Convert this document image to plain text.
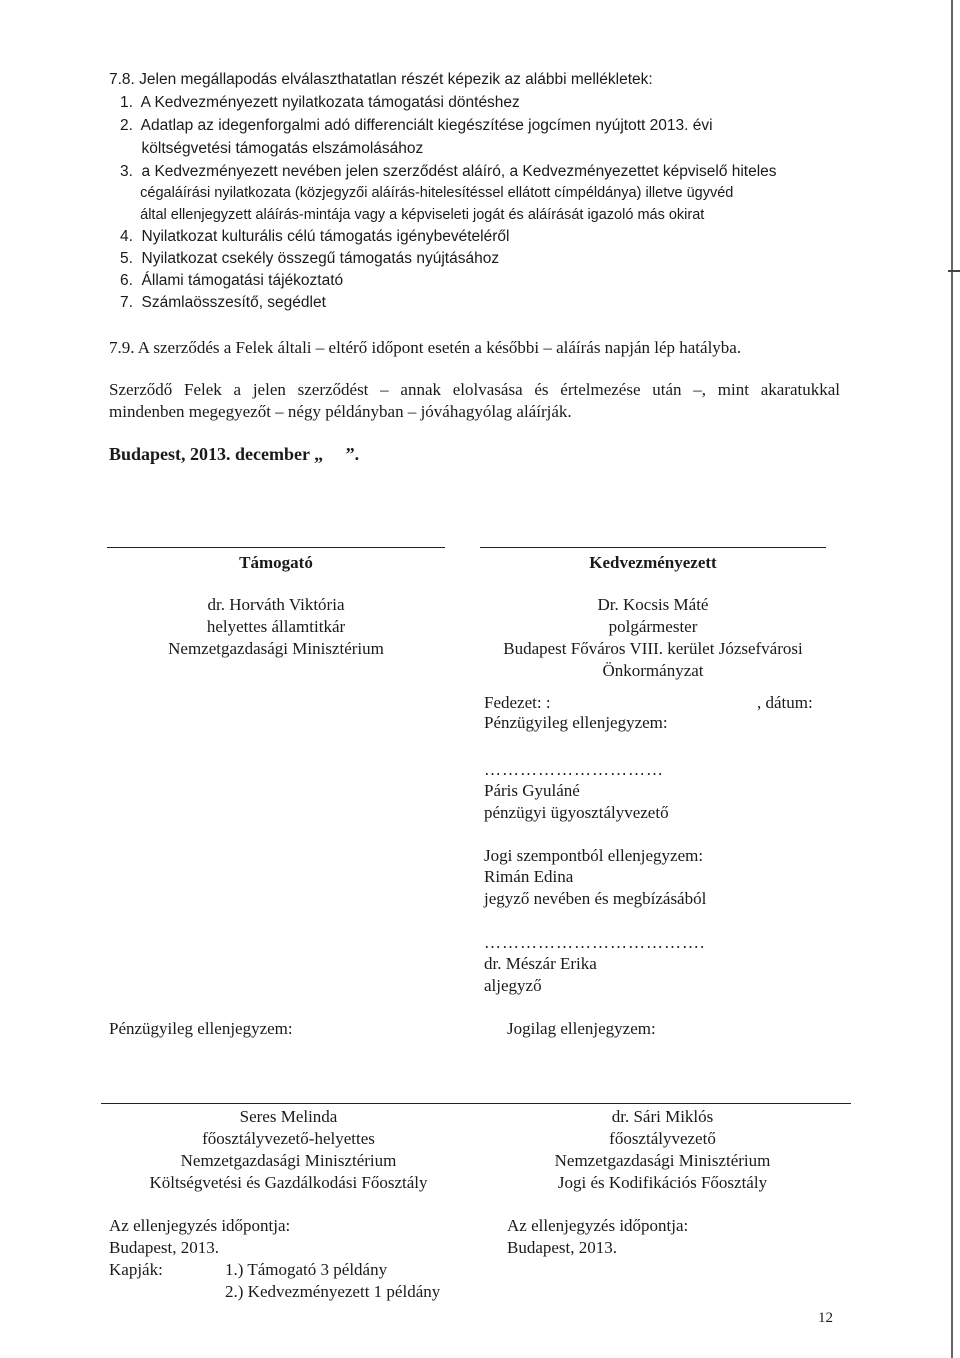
7.8. Jelen megállapodás elválaszthatatlan részét képezik az alábbi mellékletek:
1.  A Kedvezményezett nyilatkozata támogatási döntéshez
2.  Adatlap az idegenforgalmi adó differenciált kiegészítése jogcímen nyújtott 2013. évi
költségvetési támogatás elszámolásához
3.  a Kedvezményezett nevében jelen szerződést aláíró, a Kedvezményezettet képviselő hiteles
cégaláírási nyilatkozata (közjegyzői aláírás-hitelesítéssel ellátott címpéldánya) illetve ügyvéd
által ellenjegyzett aláírás-mintája vagy a képviseleti jogát és aláírását igazoló más okirat
4.  Nyilatkozat kulturális célú támogatás igénybevételéről
5.  Nyilatkozat csekély összegű támogatás nyújtásához
6.  Állami támogatási tájékoztató
7.  Számlaösszesítő, segédlet
7.9. A szerződés a Felek általi – eltérő időpont esetén a későbbi – aláírás napján lép hatályba.
Szerződő Felek a jelen szerződést – annak elolvasása és értelmezése után –, mint akaratukkal
mindenben megegyezőt – négy példányban – jóváhagyólag aláírják.
Budapest, 2013. december „     ”.
Támogató
dr. Horváth Viktória
helyettes államtitkár
Nemzetgazdasági Minisztérium
Kedvezményezett
Dr. Kocsis Máté
polgármester
Budapest Főváros VIII. kerület Józsefvárosi
Önkormányzat
Fedezet: :	, dátum:
Pénzügyileg ellenjegyzem:
…………………………
Páris Gyuláné
pénzügyi ügyosztályvezető
Jogi szempontból ellenjegyzem:
Rimán Edina
jegyző nevében és megbízásából
……………………………….
dr. Mészár Erika
aljegyző
Pénzügyileg ellenjegyzem:	Jogilag ellenjegyzem:
Seres Melinda
főosztályvezető-helyettes
Nemzetgazdasági Minisztérium
Költségvetési és Gazdálkodási Főosztály
dr. Sári Miklós
főosztályvezető
Nemzetgazdasági Minisztérium
Jogi és Kodifikációs Főosztály
Az ellenjegyzés időpontja:
Budapest, 2013.
Az ellenjegyzés időpontja:
Budapest, 2013.
Kapják:	1.) Támogató 3 példány
2.) Kedvezményezett 1 példány
12
